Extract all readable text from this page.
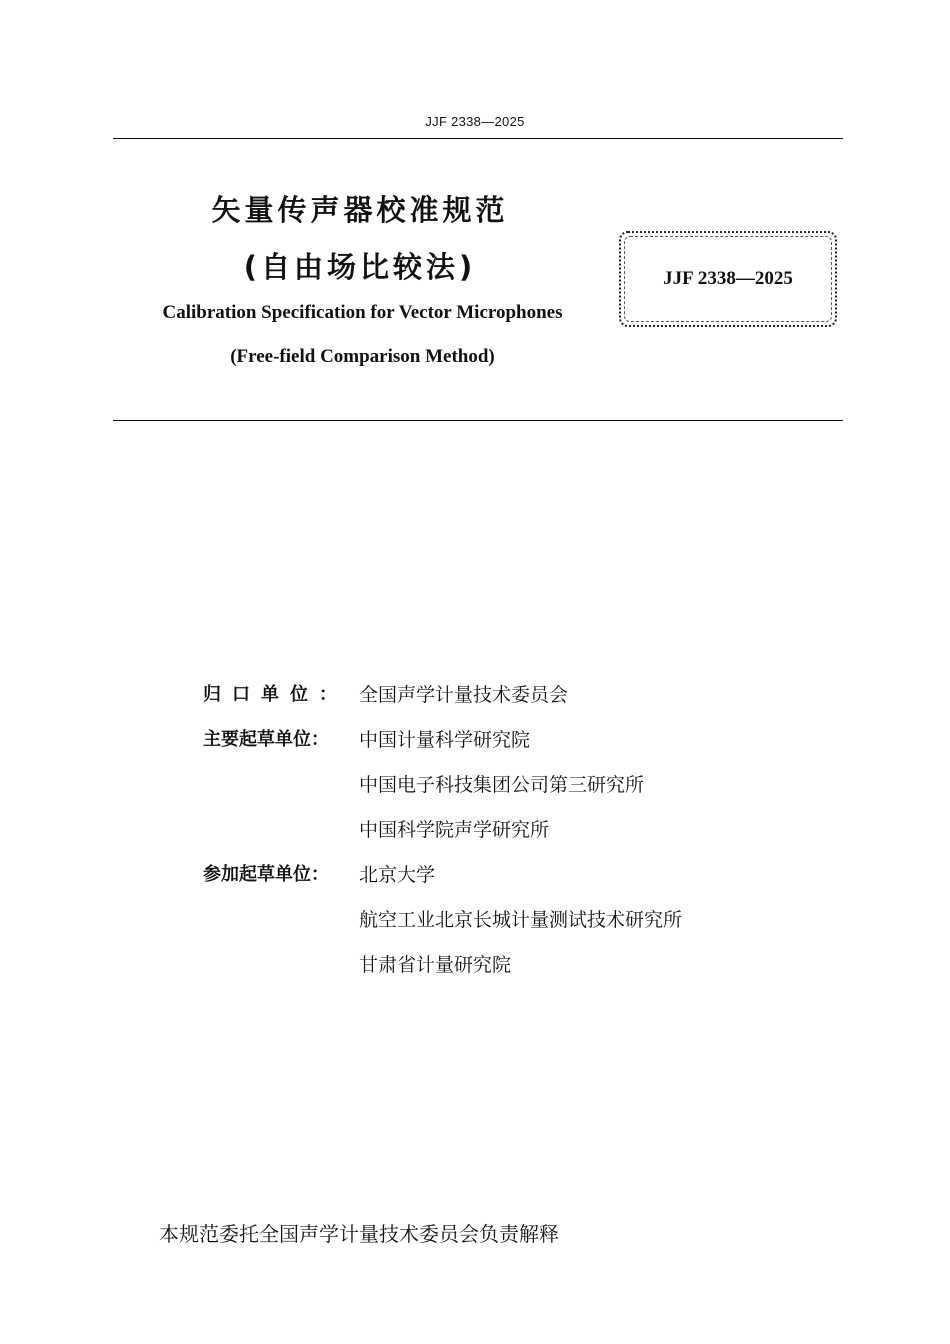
JJF 2338—2025
矢量传声器校准规范
(自由场比较法)
Calibration Specification for Vector Microphones
(Free-field Comparison Method)
JJF 2338—2025
归口单位：	全国声学计量技术委员会
主要起草单位：	中国计量科学研究院
中国电子科技集团公司第三研究所
中国科学院声学研究所
参加起草单位：	北京大学
航空工业北京长城计量测试技术研究所
甘肃省计量研究院
本规范委托全国声学计量技术委员会负责解释
